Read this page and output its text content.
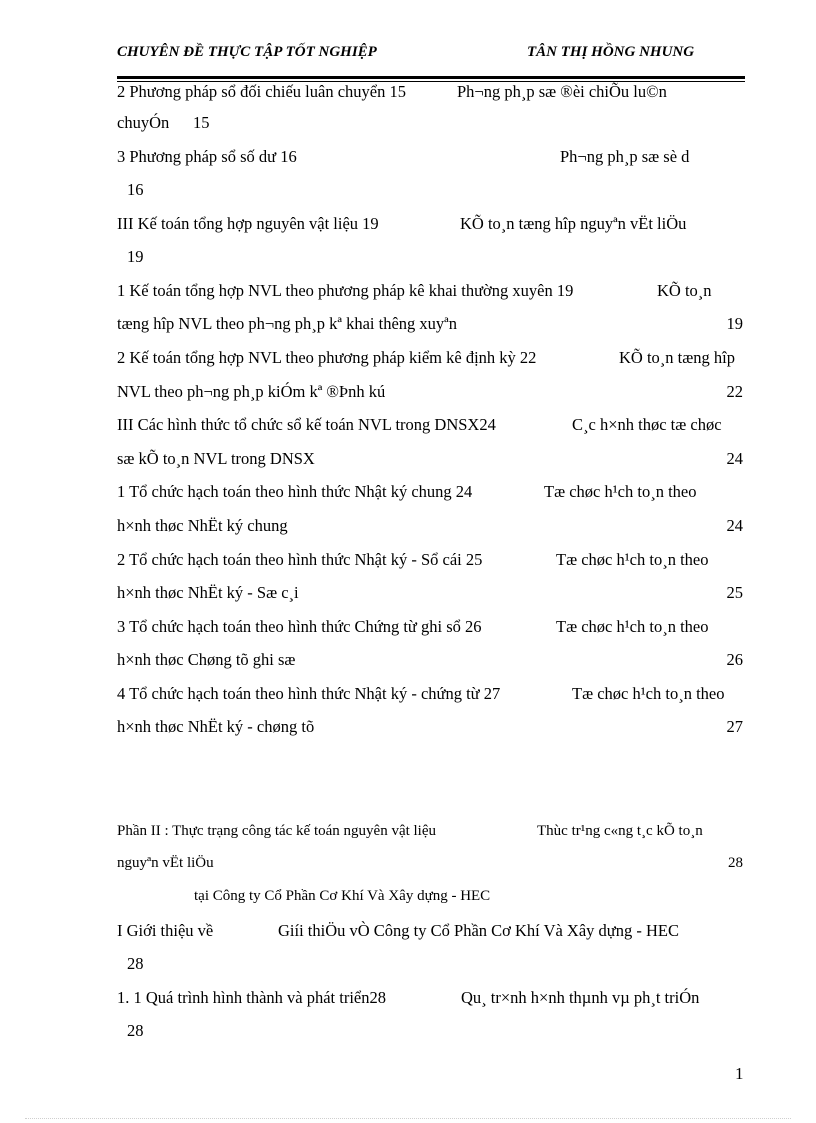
CHUYÊN ĐỀ THỰC TẬP TỐT NGHIỆP	TÂN THỊ HỒNG NHUNG
2 Phương pháp sổ đối chiếu luân chuyển 15	Ph¬ng ph¸p sæ ®èi chiÕu lu©n
chuyÓn 15
3 Phương pháp sổ số dư 16	Ph¬ng ph¸p sæ sè d
16
III Kế toán tổng hợp nguyên vật liệu 19	KÕ to¸n tæng hîp nguyªn vËt liÖu
19
1 Kế toán tổng hợp NVL theo phương pháp kê khai thường xuyên 19	KÕ to¸n
tæng hîp NVL theo ph¬ng ph¸p kª khai thêng xuyªn	19
2 Kế toán tổng hợp NVL theo phương pháp kiểm kê định kỳ 22	KÕ to¸n tæng hîp
NVL theo ph¬ng ph¸p kiÓm kª ®Þnh kú	22
III Các hình thức tổ chức sổ kế toán NVL trong DNSX24	C¸c h×nh thøc tæ chøc
sæ kÕ to¸n NVL trong DNSX	24
1 Tổ chức hạch toán theo hình thức Nhật ký chung 24	Tæ chøc h¹ch to¸n theo
h×nh thøc NhËt ký chung	24
2 Tổ chức hạch toán theo hình thức Nhật ký - Sổ cái 25	Tæ chøc h¹ch to¸n theo
h×nh thøc NhËt ký - Sæ c¸i	25
3 Tổ chức hạch toán theo hình thức Chứng từ ghi sổ 26	Tæ chøc h¹ch to¸n theo
h×nh thøc Chøng tõ ghi sæ	26
4 Tổ chức hạch toán theo hình thức Nhật ký - chứng từ 27	Tæ chøc h¹ch to¸n theo
h×nh thøc NhËt ký - chøng tõ	27
Phần II : Thực trạng công tác kế toán nguyên vật liệu	Thùc tr¹ng c«ng t¸c kÕ to¸n
nguyªn vËt liÖu	28
tại Công ty Cổ Phần Cơ Khí Và Xây dựng - HEC
I Giới thiệu về	Giíi thiÖu vÒ Công ty Cổ Phần Cơ Khí Và Xây dựng - HEC
28
1. 1 Quá trình hình thành và phát triển28	Qu¸ tr×nh h×nh thµnh vµ ph¸t triÓn
28
1
